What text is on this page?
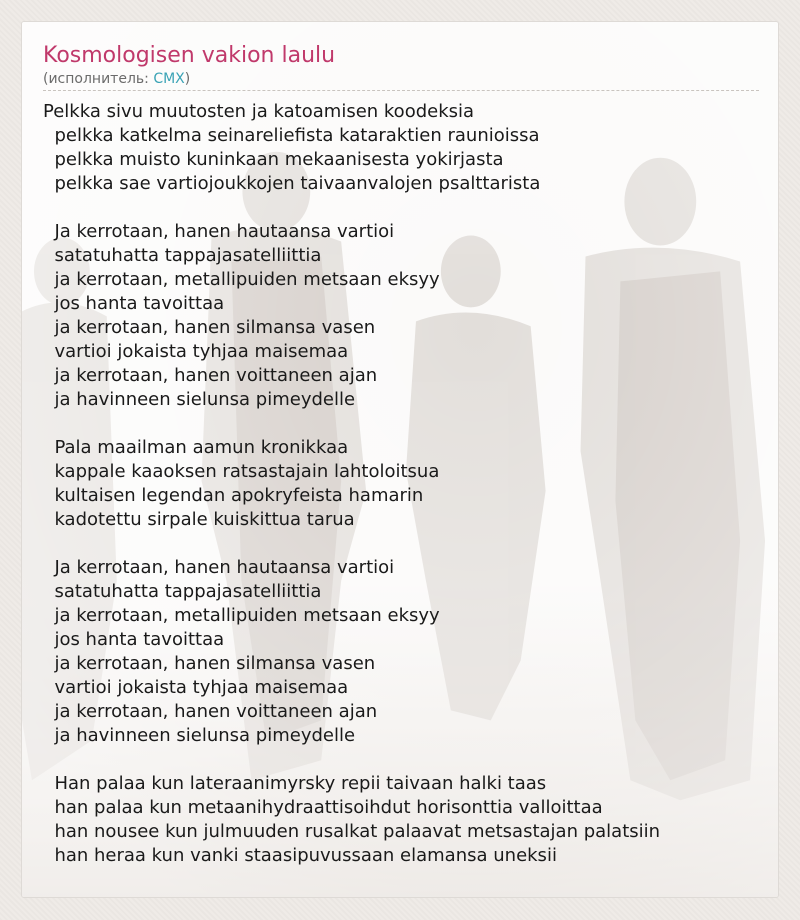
Kosmologisen vakion laulu
(исполнитель: CMX)
Pelkka sivu muutosten ja katoamisen koodeksia
pelkka katkelma seinareliefista kataraktien raunioissa
pelkka muisto kuninkaan mekaanisesta yokirjasta
pelkka sae vartiojoukkojen taivaanvalojen psalttarista
Ja kerrotaan, hanen hautaansa vartioi
satatuhatta tappajasatelliittia
ja kerrotaan, metallipuiden metsaan eksyy
jos hanta tavoittaa
ja kerrotaan, hanen silmansa vasen
vartioi jokaista tyhjaa maisemaa
ja kerrotaan, hanen voittaneen ajan
ja havinneen sielunsa pimeydelle
Pala maailman aamun kronikkaa
kappale kaaoksen ratsastajain lahtoloitsua
kultaisen legendan apokryfeista hamarin
kadotettu sirpale kuiskittua tarua
Ja kerrotaan, hanen hautaansa vartioi
satatuhatta tappajasatelliittia
ja kerrotaan, metallipuiden metsaan eksyy
jos hanta tavoittaa
ja kerrotaan, hanen silmansa vasen
vartioi jokaista tyhjaa maisemaa
ja kerrotaan, hanen voittaneen ajan
ja havinneen sielunsa pimeydelle
Han palaa kun lateraanimyrsky repii taivaan halki taas
han palaa kun metaanihydraattisoihdut horisonttia valloittaa
han nousee kun julmuuden rusalkat palaavat metsastajan palatsiin
han heraa kun vanki staasipuvussaan elamansa uneksii
